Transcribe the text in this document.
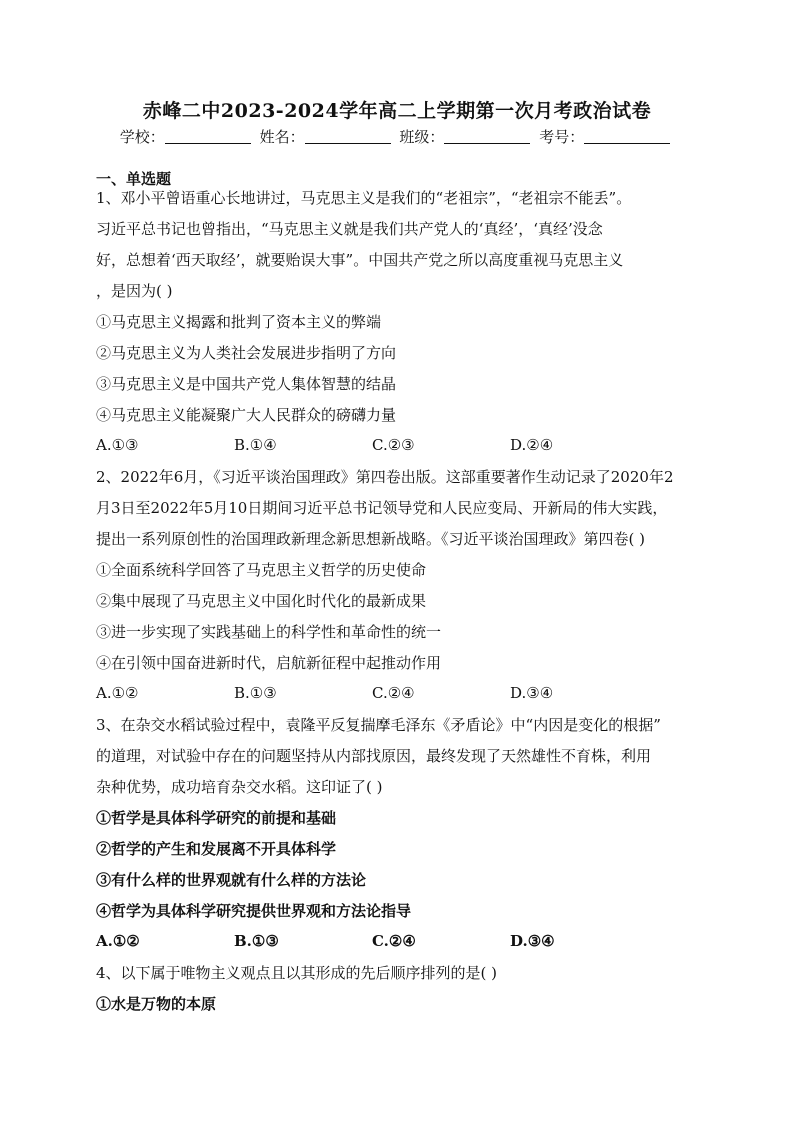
赤峰二中2023-2024学年高二上学期第一次月考政治试卷
学校：	姓名：	班级：	考号：
一、单选题
1、邓小平曾语重心长地讲过，马克思主义是我们的“老祖宗”，“老祖宗不能丢”。
习近平总书记也曾指出，“马克思主义就是我们共产党人的‘真经’，‘真经’没念
好，总想着‘西天取经’，就要贻误大事”。中国共产党之所以高度重视马克思主义
，是因为( )
①马克思主义揭露和批判了资本主义的弊端
②马克思主义为人类社会发展进步指明了方向
③马克思主义是中国共产党人集体智慧的结晶
④马克思主义能凝聚广大人民群众的磅礴力量
A.①③	B.①④	C.②③	D.②④
2、2022年6月，《习近平谈治国理政》第四卷出版。这部重要著作生动记录了2020年2
月3日至2022年5月10日期间习近平总书记领导党和人民应变局、开新局的伟大实践，
提出一系列原创性的治国理政新理念新思想新战略。《习近平谈治国理政》第四卷( )
①全面系统科学回答了马克思主义哲学的历史使命
②集中展现了马克思主义中国化时代化的最新成果
③进一步实现了实践基础上的科学性和革命性的统一
④在引领中国奋进新时代，启航新征程中起推动作用
A.①②	B.①③	C.②④	D.③④
3、在杂交水稻试验过程中，袁隆平反复揣摩毛泽东《矛盾论》中“内因是变化的根据”
的道理，对试验中存在的问题坚持从内部找原因，最终发现了天然雄性不育株，利用
杂种优势，成功培育杂交水稻。这印证了( )
①哲学是具体科学研究的前提和基础
②哲学的产生和发展离不开具体科学
③有什么样的世界观就有什么样的方法论
④哲学为具体科学研究提供世界观和方法论指导
A.①②	B.①③	C.②④	D.③④
4、以下属于唯物主义观点且以其形成的先后顺序排列的是( )
①水是万物的本原
